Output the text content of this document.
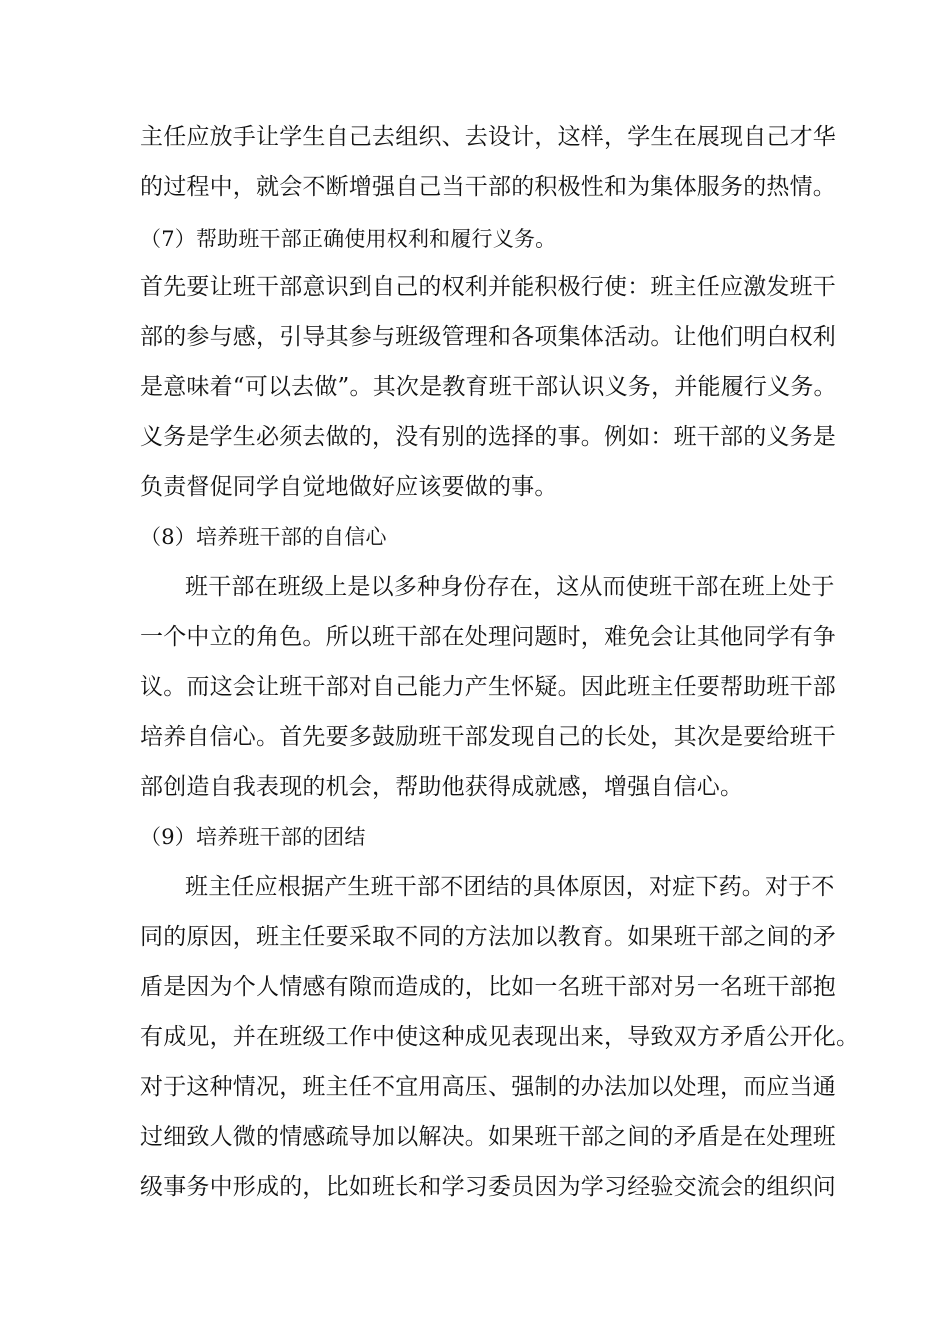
主任应放手让学生自己去组织、去设计，这样，学生在展现自己才华
的过程中，就会不断增强自己当干部的积极性和为集体服务的热情。
（7）帮助班干部正确使用权利和履行义务。
首先要让班干部意识到自己的权利并能积极行使：班主任应激发班干
部的参与感，引导其参与班级管理和各项集体活动。让他们明白权利
是意味着“可以去做”。其次是教育班干部认识义务，并能履行义务。
义务是学生必须去做的，没有别的选择的事。例如：班干部的义务是
负责督促同学自觉地做好应该要做的事。
（8）培养班干部的自信心
班干部在班级上是以多种身份存在，这从而使班干部在班上处于
一个中立的角色。所以班干部在处理问题时，难免会让其他同学有争
议。而这会让班干部对自己能力产生怀疑。因此班主任要帮助班干部
培养自信心。首先要多鼓励班干部发现自己的长处，其次是要给班干
部创造自我表现的机会，帮助他获得成就感，增强自信心。
（9）培养班干部的团结
班主任应根据产生班干部不团结的具体原因，对症下药。对于不
同的原因，班主任要采取不同的方法加以教育。如果班干部之间的矛
盾是因为个人情感有隙而造成的，比如一名班干部对另一名班干部抱
有成见，并在班级工作中使这种成见表现出来，导致双方矛盾公开化。
对于这种情况，班主任不宜用高压、强制的办法加以处理，而应当通
过细致人微的情感疏导加以解决。如果班干部之间的矛盾是在处理班
级事务中形成的，比如班长和学习委员因为学习经验交流会的组织问
